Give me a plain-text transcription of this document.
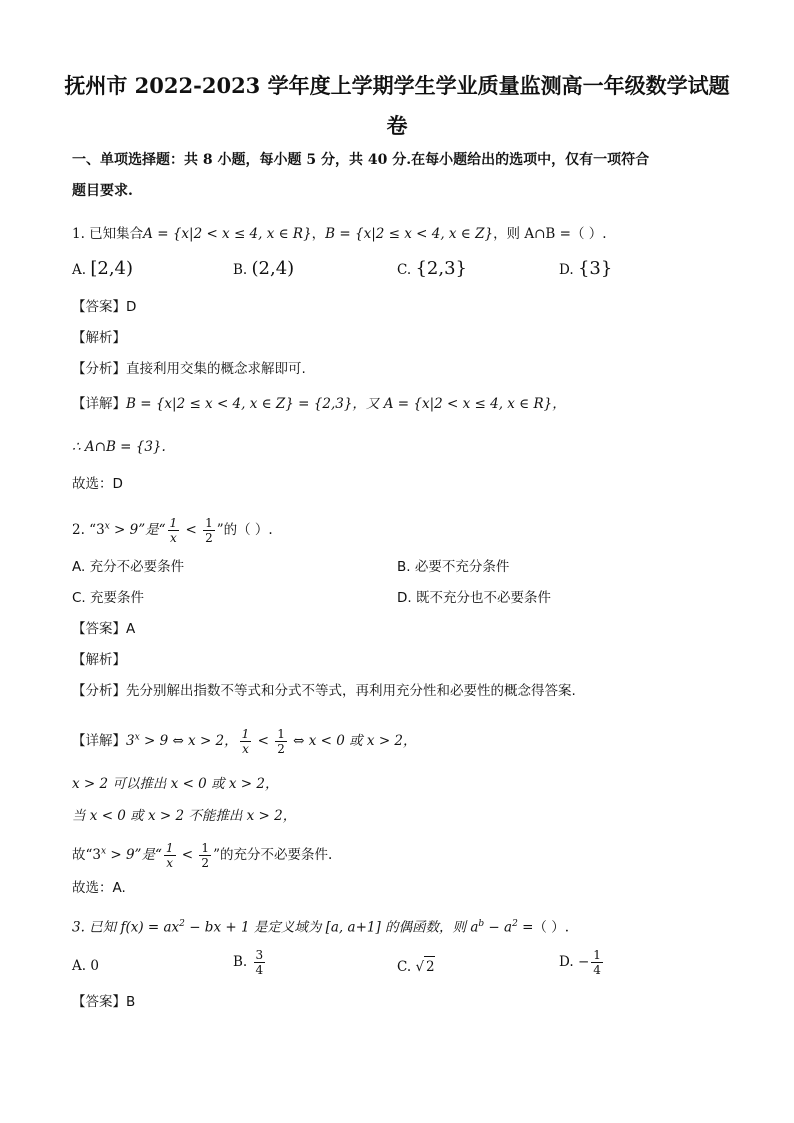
抚州市 2022-2023 学年度上学期学生学业质量监测高一年级数学试题
卷
一、单项选择题：共 8 小题，每小题 5 分，共 40 分.在每小题给出的选项中，仅有一项符合
题目要求.
1. 已知集合A = {x|2 < x ≤ 4, x ∈ R}，B = {x|2 ≤ x < 4, x ∈ Z}，则 A∩B =（ ）.
A. [2,4)	B. (2,4)	C. {2,3}	D. {3}
【答案】D
【解析】
【分析】直接利用交集的概念求解即可.
【详解】B = {x|2 ≤ x < 4, x ∈ Z} = {2,3}，又 A = {x|2 < x ≤ 4, x ∈ R}，
∴ A∩B = {3}.
故选：D
2. “$3^x > 9$”是“ $\frac{1}{x} < \frac{1}{2}$ ”的（ ）.
A. 充分不必要条件	B. 必要不充分条件
C. 充要条件	D. 既不充分也不必要条件
【答案】A
【解析】
【分析】先分别解出指数不等式和分式不等式，再利用充分性和必要性的概念得答案.
【详解】$3^x > 9$ ⇔ x > 2， $\frac{1}{x} < \frac{1}{2}$ ⇔ x < 0 或 x > 2，
x > 2 可以推出 x < 0 或 x > 2，
当 x < 0 或 x > 2 不能推出 x > 2，
故“$3^x > 9$”是“ $\frac{1}{x} < \frac{1}{2}$ ”的充分不必要条件.
故选：A.
3. 已知 $f(x) = ax^2$ − bx + 1 是定义域为 [a, a+1] 的偶函数，则 $a^b - a^2$ =（ ）.
A. 0	B. $\frac{3}{4}$	C. √ 2	D. − $\frac{1}{4}$
【答案】B
